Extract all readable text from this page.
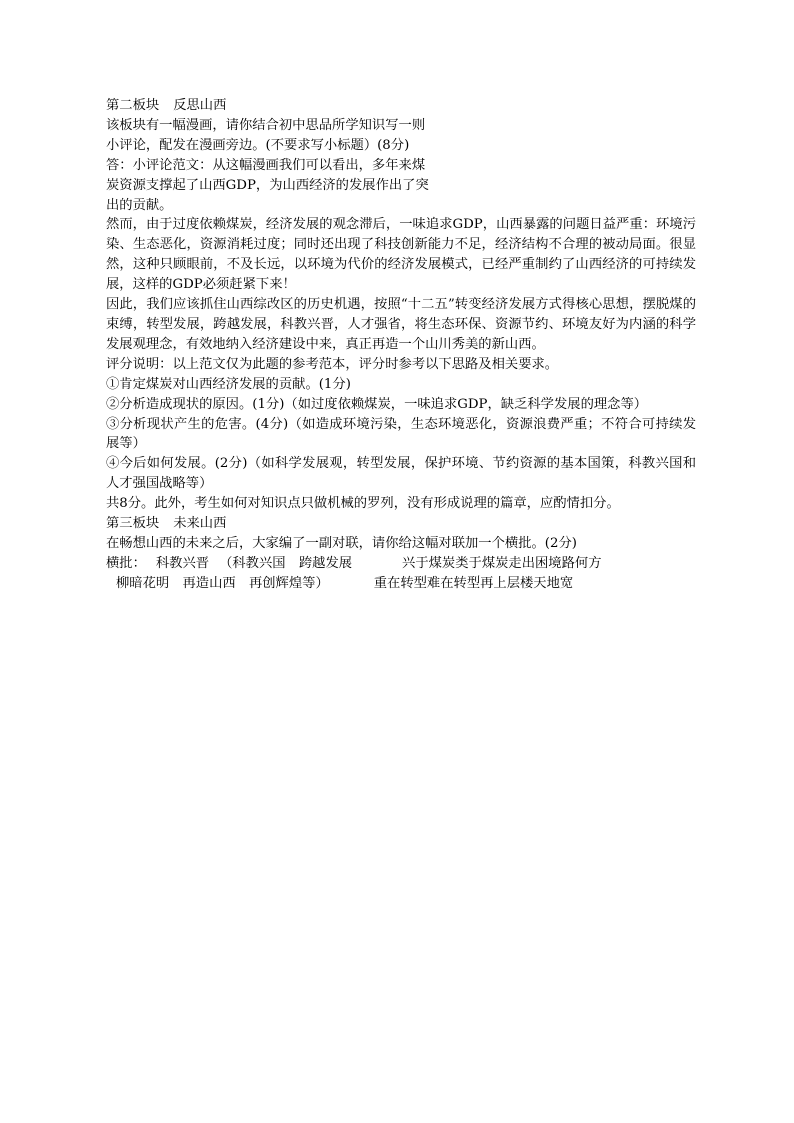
第二板块 反思山西
该板块有一幅漫画，请你结合初中思品所学知识写一则
小评论，配发在漫画旁边。(不要求写小标题）(8分)
答：小评论范文：从这幅漫画我们可以看出，多年来煤
炭资源支撑起了山西GDP，为山西经济的发展作出了突
出的贡献。
然而，由于过度依赖煤炭，经济发展的观念滞后，一味追求GDP，山西暴露的问题日益严重：环境污染、生态恶化，资源消耗过度；同时还出现了科技创新能力不足，经济结构不合理的被动局面。很显然，这种只顾眼前，不及长远，以环境为代价的经济发展模式，已经严重制约了山西经济的可持续发展，这样的GDP必须赶紧下来！
因此，我们应该抓住山西综改区的历史机遇，按照“十二五”转变经济发展方式得核心思想，摆脱煤的束缚，转型发展，跨越发展，科教兴晋，人才强省，将生态环保、资源节约、环境友好为内涵的科学发展观理念，有效地纳入经济建设中来，真正再造一个山川秀美的新山西。
评分说明：以上范文仅为此题的参考范本，评分时参考以下思路及相关要求。
①肯定煤炭对山西经济发展的贡献。(1分)
②分析造成现状的原因。(1分)（如过度依赖煤炭，一味追求GDP，缺乏科学发展的理念等）
③分析现状产生的危害。(4分)（如造成环境污染，生态环境恶化，资源浪费严重；不符合可持续发展等）
④今后如何发展。(2分)（如科学发展观，转型发展，保护环境、节约资源的基本国策，科教兴国和人才强国战略等）
共8分。此外，考生如何对知识点只做机械的罗列，没有形成说理的篇章，应酌情扣分。
第三板块 未来山西
在畅想山西的未来之后，大家编了一副对联，请你给这幅对联加一个横批。(2分)
横批： 科教兴晋 （科教兴国　跨越发展	兴于煤炭类于煤炭走出困境路何方
柳暗花明　再造山西　再创辉煌等）	重在转型难在转型再上层楼天地宽
